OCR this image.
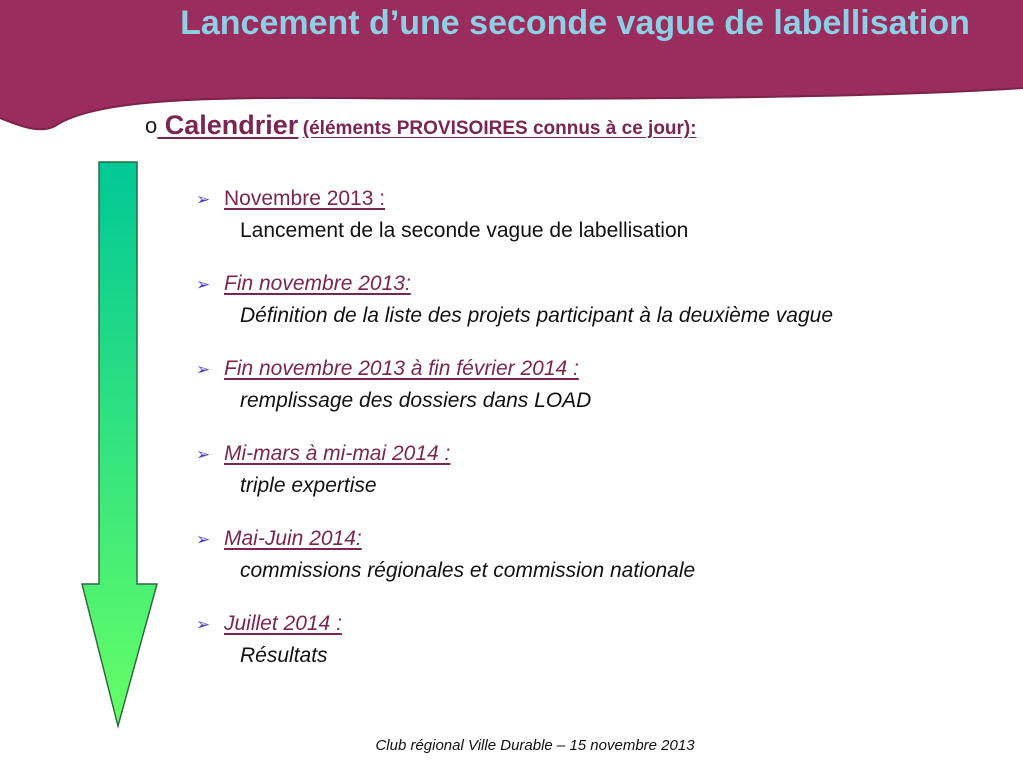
Lancement d’une seconde vague de labellisation
o Calendrier (éléments PROVISOIRES connus à ce jour):
➢ Novembre 2013 :
Lancement de la seconde vague de labellisation
➢ Fin novembre 2013:
Définition de la liste des projets participant à la deuxième vague
➢ Fin novembre 2013 à fin février 2014 :
remplissage des dossiers dans LOAD
➢ Mi-mars à mi-mai 2014 :
triple expertise
➢ Mai-Juin 2014:
commissions régionales et commission nationale
➢ Juillet 2014 :
Résultats
Club régional Ville Durable – 15 novembre 2013
